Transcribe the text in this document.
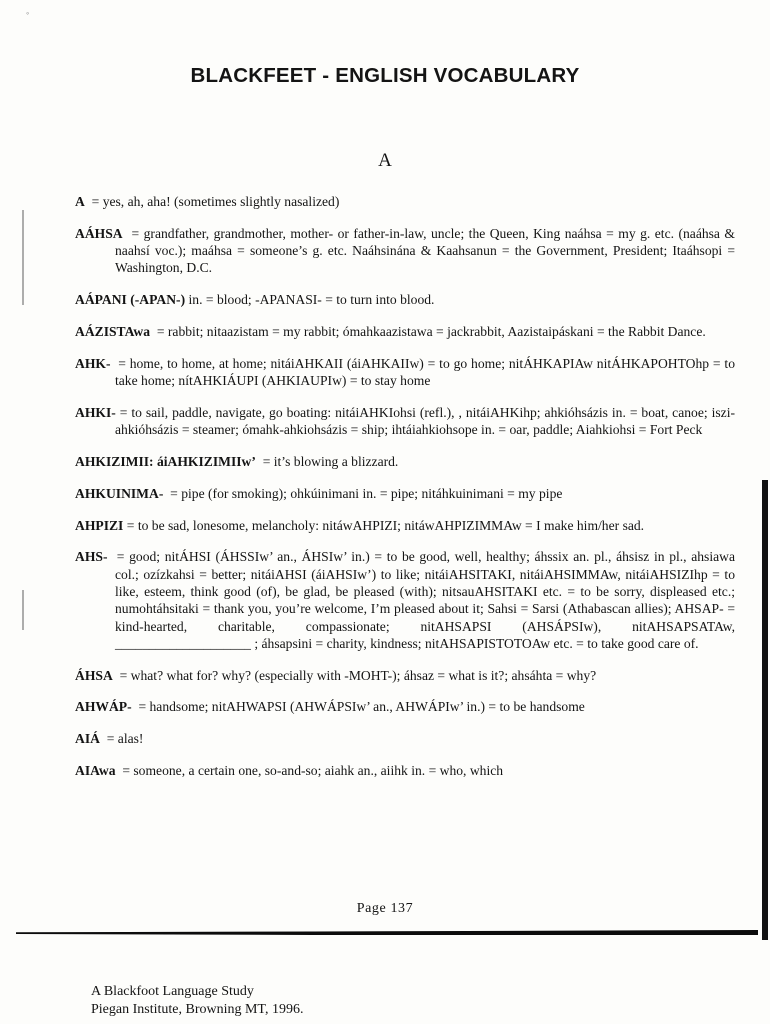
◦
BLACKFEET - ENGLISH VOCABULARY
A
A = yes, ah, aha! (sometimes slightly nasalized)
AÁHSA = grandfather, grandmother, mother- or father-in-law, uncle; the Queen, King naáhsa = my g. etc. (naáhsa & naahsí voc.); maáhsa = someone’s g. etc. Naáhsinána & Kaahsanun = the Government, President; Itaáhsopi = Washington, D.C.
AÁPANI (-APAN-) in. = blood; -APANASI- = to turn into blood.
AÁZISTAwa = rabbit; nitaazistam = my rabbit; ómahkaazistawa = jackrabbit, Aazistaipáskani = the Rabbit Dance.
AHK- = home, to home, at home; nitáiAHKAII (áiAHKAIIw) = to go home; nitÁHKAPIAw nitÁHKAPOHTOhp = to take home; nítAHKIÁUPI (AHKIAUPIw) = to stay home
AHKI- = to sail, paddle, navigate, go boating: nitáiAHKIohsi (refl.), , nitáiAHKihp; ahkióhsázis in. = boat, canoe; iszi-ahkióhsázis = steamer; ómahk-ahkiohsázis = ship; ihtáiahkiohsope in. = oar, paddle; Aiahkiohsi = Fort Peck
AHKIZIMII: áiAHKIZIMIIw’ = it’s blowing a blizzard.
AHKUINIMA- = pipe (for smoking); ohkúinimani in. = pipe; nitáhkuinimani = my pipe
AHPIZI = to be sad, lonesome, melancholy: nitáwAHPIZI; nitáwAHPIZIMMAw = I make him/her sad.
AHS- = good; nitÁHSI (ÁHSSIw’ an., ÁHSIw’ in.) = to be good, well, healthy; áhssix an. pl., áhsisz in pl., ahsiawa col.; ozízkahsi = better; nitáiAHSI (áiAHSIw’) to like; nitáiAHSITAKI, nitáiAHSIMMAw, nitáiAHSIZIhp = to like, esteem, think good (of), be glad, be pleased (with); nitsauAHSITAKI etc. = to be sorry, displeased etc.; numohtáhsitaki = thank you, you’re welcome, I’m pleased about it; Sahsi = Sarsi (Athabascan allies); AHSAP- = kind-hearted, charitable, compassionate; nitAHSAPSI (AHSÁPSIw), nitAHSAPSATAw, ____________________ ; áhsapsini = charity, kindness; nitAHSAPISTOTOAw etc. = to take good care of.
ÁHSA = what? what for? why? (especially with -MOHT-); áhsaz = what is it?; ahsáhta = why?
AHWÁP- = handsome; nitAHWAPSI (AHWÁPSIw’ an., AHWÁPIw’ in.) = to be handsome
AIÁ = alas!
AIAwa = someone, a certain one, so-and-so; aiahk an., aiihk in. = who, which
Page 137
A Blackfoot Language Study
Piegan Institute, Browning MT, 1996.
